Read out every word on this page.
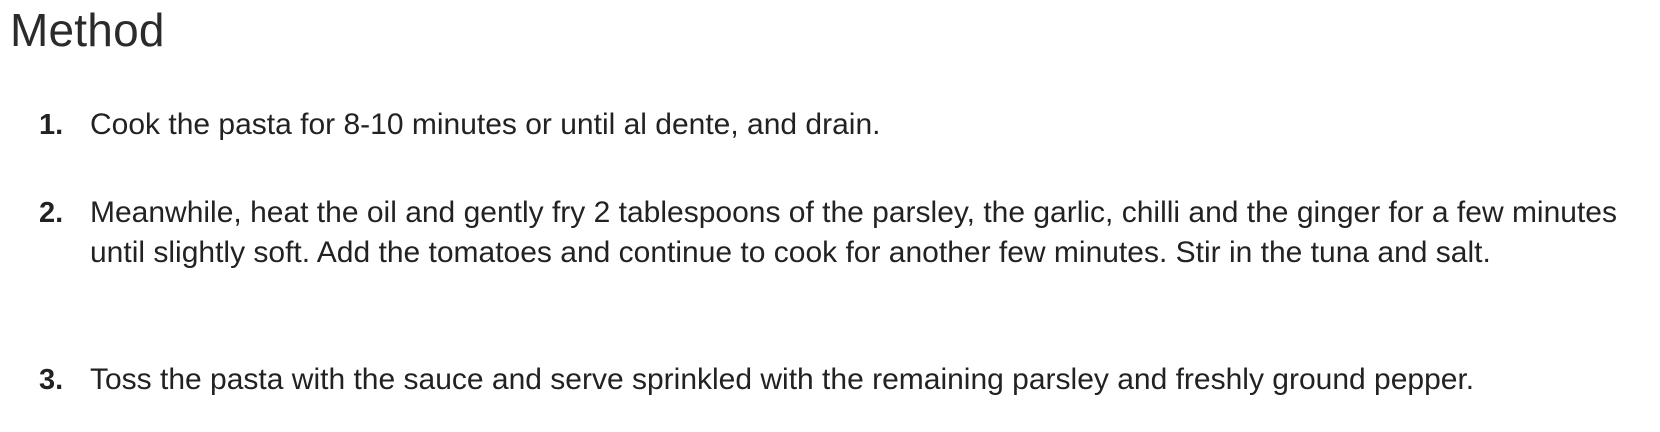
Method
1. Cook the pasta for 8-10 minutes or until al dente, and drain.

2. Meanwhile, heat the oil and gently fry 2 tablespoons of the parsley, the garlic, chilli and the ginger for a few minutes until slightly soft. Add the tomatoes and continue to cook for another few minutes. Stir in the tuna and salt.

3. Toss the pasta with the sauce and serve sprinkled with the remaining parsley and freshly ground pepper.
